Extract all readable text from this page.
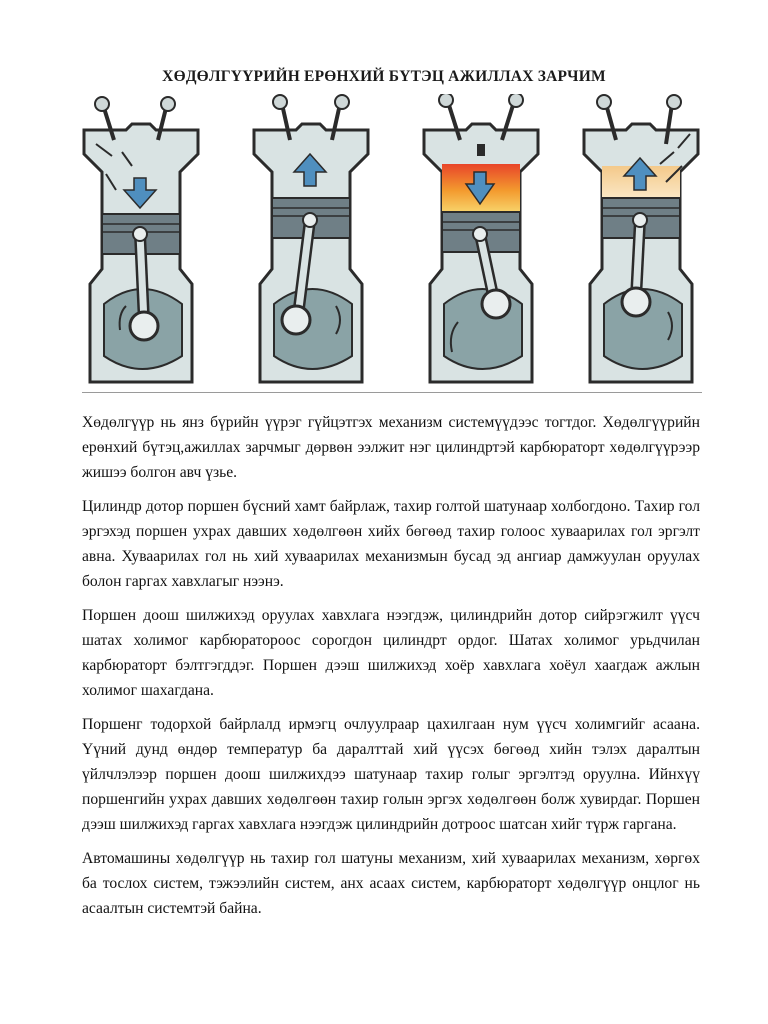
ХӨДӨЛГҮҮРИЙН ЕРӨНХИЙ БҮТЭЦ АЖИЛЛАХ ЗАРЧИМ

Хөдөлгүүр нь янз бүрийн үүрэг гүйцэтгэх механизм системүүдээс тогтдог. Хөдөлгүүрийн ерөнхий бүтэц,ажиллах зарчмыг дөрвөн ээлжит нэг цилиндртэй карбюраторт хөдөлгүүрээр жишээ болгон авч үзье.

Цилиндр дотор поршен бүсний хамт байрлаж, тахир голтой шатунаар холбогдоно. Тахир гол эргэхэд поршен ухрах давших хөдөлгөөн хийх бөгөөд тахир голоос хуваарилах гол эргэлт авна. Хуваарилах гол нь хий хуваарилах механизмын бусад эд ангиар дамжуулан оруулах болон гаргах хавхлагыг нээнэ.

Поршен доош шилжихэд оруулах хавхлага нээгдэж, цилиндрийн дотор сийрэгжилт үүсч шатах холимог карбюратороос сорогдон цилиндрт ордог. Шатах холимог урьдчилан карбюраторт бэлтгэгддэг. Поршен дээш шилжихэд хоёр хавхлага хоёул хаагдаж ажлын холимог шахагдана.

Поршенг тодорхой байрлалд ирмэгц очлуулраар цахилгаан нум үүсч холимгийг асаана. Үүний дунд өндөр температур ба даралттай хий үүсэх бөгөөд хийн тэлэх даралтын үйлчлэлээр поршен доош шилжихдээ шатунаар тахир голыг эргэлтэд оруулна. Ийнхүү поршенгийн ухрах давших хөдөлгөөн тахир голын эргэх хөдөлгөөн болж хувирдаг. Поршен дээш шилжихэд гаргах хавхлага нээгдэж цилиндрийн дотроос шатсан хийг түрж гаргана.

Автомашины хөдөлгүүр нь тахир гол шатуны механизм, хий хуваарилах механизм, хөргөх ба тослох систем, тэжээлийн систем, анх асаах систем, карбюраторт хөдөлгүүр онцлог нь асаалтын системтэй байна.
